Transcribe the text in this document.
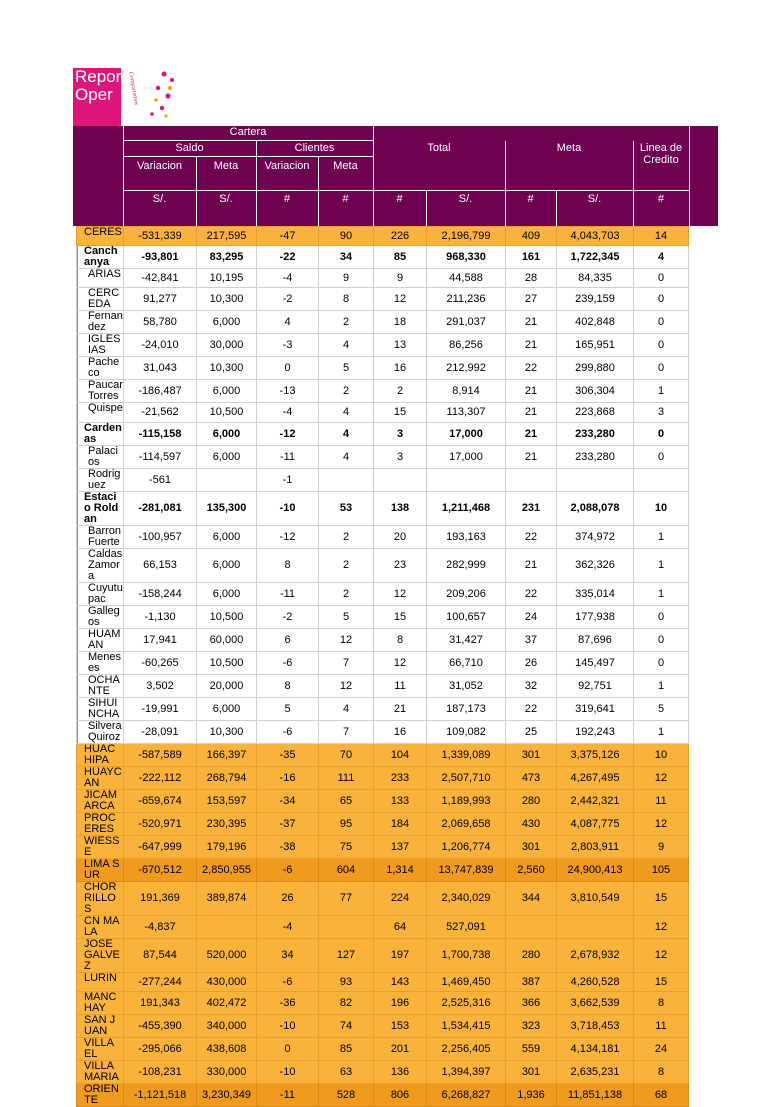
Reporte Oper	Compartamos
Cartera
Saldo	Clientes
Variacion	Meta	Variacion	Meta
Total	Meta	Linea de Credito
S/.	S/.	#	#	#	S/.	#	S/.	#
CERES	-531,339	217,595	-47	90	226	2,196,799	409	4,043,703	14
Canchanya	-93,801	83,295	-22	34	85	968,330	161	1,722,345	4
ARIAS	-42,841	10,195	-4	9	9	44,588	28	84,335	0
CERCEDA	91,277	10,300	-2	8	12	211,236	27	239,159	0
Fernandez	58,780	6,000	4	2	18	291,037	21	402,848	0
IGLESIAS	-24,010	30,000	-3	4	13	86,256	21	165,951	0
Pacheco	31,043	10,300	0	5	16	212,992	22	299,880	0
Paucar Torres	-186,487	6,000	-13	2	2	8,914	21	306,304	1
Quispe	-21,562	10,500	-4	4	15	113,307	21	223,868	3
Cardenas	-115,158	6,000	-12	4	3	17,000	21	233,280	0
Palacios	-114,597	6,000	-11	4	3	17,000	21	233,280	0
Rodriguez	-561		-1						
Estacio Roldan	-281,081	135,300	-10	53	138	1,211,468	231	2,088,078	10
Barron Fuerte	-100,957	6,000	-12	2	20	193,163	22	374,972	1
Caldas Zamora	66,153	6,000	8	2	23	282,999	21	362,326	1
Cuyutupac	-158,244	6,000	-11	2	12	209,206	22	335,014	1
Gallegos	-1,130	10,500	-2	5	15	100,657	24	177,938	0
HUAMAN	17,941	60,000	6	12	8	31,427	37	87,696	0
Meneses	-60,265	10,500	-6	7	12	66,710	26	145,497	0
OCHANTE	3,502	20,000	8	12	11	31,052	32	92,751	1
SIHUINCHA	-19,991	6,000	5	4	21	187,173	22	319,641	5
Silvera Quiroz	-28,091	10,300	-6	7	16	109,082	25	192,243	1
HUACHIPA	-587,589	166,397	-35	70	104	1,339,089	301	3,375,126	10
HUAYCAN	-222,112	268,794	-16	111	233	2,507,710	473	4,267,495	12
JICAMARCA	-659,674	153,597	-34	65	133	1,189,993	280	2,442,321	11
PROCERES	-520,971	230,395	-37	95	184	2,069,658	430	4,087,775	12
WIESSE	-647,999	179,196	-38	75	137	1,206,774	301	2,803,911	9
LIMA SUR	-670,512	2,850,955	-6	604	1,314	13,747,839	2,560	24,900,413	105
CHORRILLOS	191,369	389,874	26	77	224	2,340,029	344	3,810,549	15
CN MALA	-4,837		-4		64	527,091			12
JOSE GALVEZ	87,544	520,000	34	127	197	1,700,738	280	2,678,932	12
LURIN	-277,244	430,000	-6	93	143	1,469,450	387	4,260,528	15
MANCHAY	191,343	402,472	-36	82	196	2,525,316	366	3,662,539	8
SAN JUAN	-455,390	340,000	-10	74	153	1,534,415	323	3,718,453	11
VILLA EL	-295,066	438,608	0	85	201	2,256,405	559	4,134,181	24
VILLA MARIA	-108,231	330,000	-10	63	136	1,394,397	301	2,635,231	8
ORIENTE	-1,121,518	3,230,349	-11	528	806	6,268,827	1,936	11,851,138	68
